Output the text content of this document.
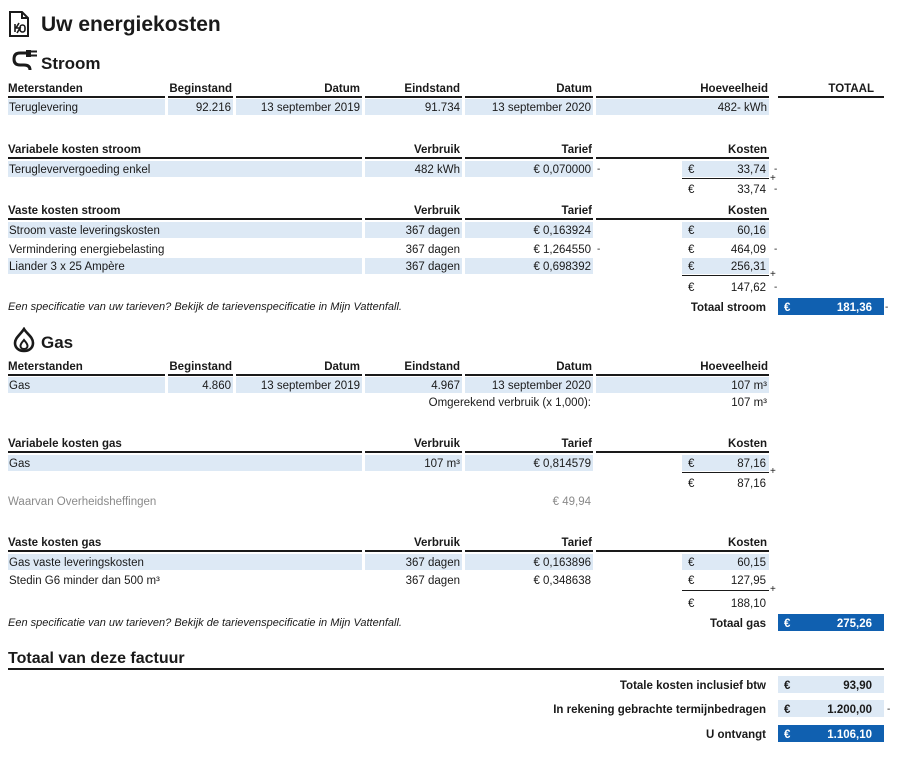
Uw energiekosten
Stroom
Meterstanden	Beginstand	Datum	Eindstand	Datum	Hoeveelheid	TOTAAL
Teruglevering	92.216	13 september 2019	91.734	13 september 2020	482- kWh
Variabele kosten stroom	Verbruik	Tarief	Kosten
Terugleververgoeding enkel	482 kWh	€ 0,070000 -	€	33,74 -
+
€	33,74 -
Vaste kosten stroom	Verbruik	Tarief	Kosten
Stroom vaste leveringskosten	367 dagen	€ 0,163924	€	60,16
Vermindering energiebelasting	367 dagen	€ 1,264550 -	€	464,09 -
Liander 3 x 25 Ampère	367 dagen	€ 0,698392	€	256,31
+
€	147,62 -
Een specificatie van uw tarieven? Bekijk de tarievenspecificatie in Mijn Vattenfall.	Totaal stroom €	181,36 -
Gas
Meterstanden	Beginstand	Datum	Eindstand	Datum	Hoeveelheid
Gas	4.860	13 september 2019	4.967	13 september 2020	107 m³
Omgerekend verbruik (x 1,000):	107 m³
Variabele kosten gas	Verbruik	Tarief	Kosten
Gas	107 m³	€ 0,814579	€	87,16
+
€	87,16
Waarvan Overheidsheffingen	€ 49,94
Vaste kosten gas	Verbruik	Tarief	Kosten
Gas vaste leveringskosten	367 dagen	€ 0,163896	€	60,15
Stedin G6 minder dan 500 m³	367 dagen	€ 0,348638	€	127,95
+
€	188,10
Een specificatie van uw tarieven? Bekijk de tarievenspecificatie in Mijn Vattenfall.	Totaal gas €	275,26
Totaal van deze factuur
Totale kosten inclusief btw €	93,90
In rekening gebrachte termijnbedragen €	1.200,00 -
U ontvangt €	1.106,10
